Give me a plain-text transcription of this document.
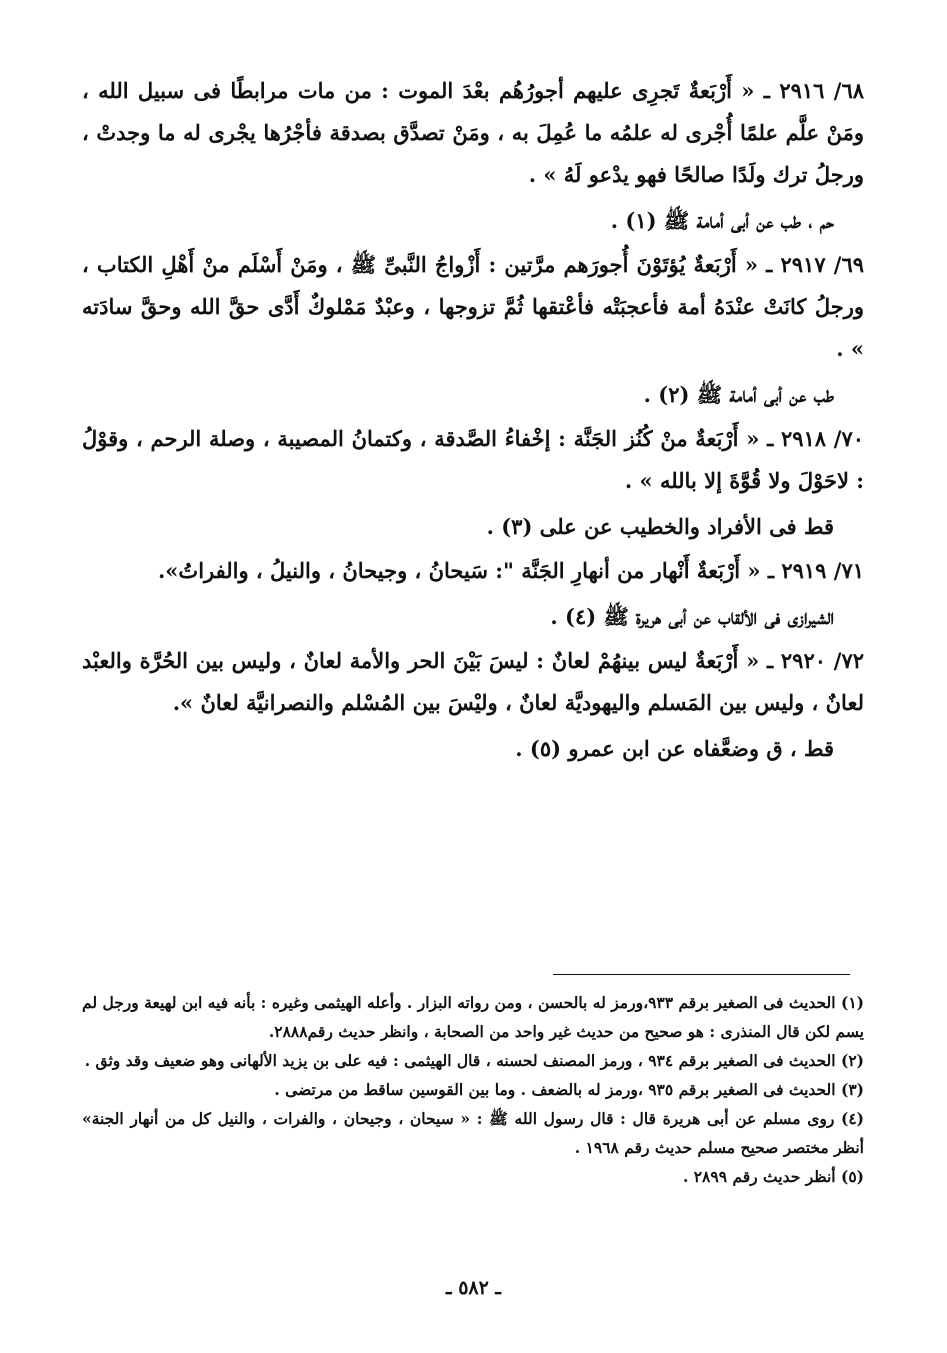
٦٨/ ٢٩١٦ ـ « أَرْبَعةٌ تَجرِى عليهم أجورُهُم بعْدَ الموت : من مات مرابطًا فى سبيل الله ، ومَنْ علَّم علمًا أُجْرى له علمُه ما عُمِلَ به ، ومَنْ تصدَّق بصدقة فأجْرُها يجْرى له ما وجدتْ ، ورجلُ ترك ولَدًا صالحًا فهو يدْعو لَهُ » .

حم ، طب عن أبى أمامة ﷺ (١) .

٦٩/ ٢٩١٧ ـ « أَرْبَعةٌ يُؤتَوْنَ أُجورَهم مرَّتين : أَزْواجُ النَّبىِّ ﷺ ، ومَنْ أَسْلَم منْ أَهْلِ الكتاب ، ورجلُ كانَتْ عنْدَهُ أمة فأعجبَتْه فأعْتقها ثُمَّ تزوجها ، وعبْدٌ مَمْلوكٌ أَدَّى حقَّ الله وحقَّ سادَته » .

طب عن أبى أمامة ﷺ (٢) .

٧٠/ ٢٩١٨ ـ « أَرْبَعةٌ منْ كُنُز الجَنَّة : إخْفاءُ الصَّدقة ، وكتمانُ المصيبة ، وصلة الرحم ، وقوْلُ : لاحَوْلَ ولا قُوَّةَ إلا بالله » .

قط فى الأفراد والخطيب عن على (٣) .

٧١/ ٢٩١٩ ـ « أَرْبَعةٌ أَنْهار من أنهارِ الجَنَّة ": سَيحانُ ، وجيحانُ ، والنيلُ ، والفراتُ».

الشيرازى فى الألقاب عن أبى هريرة ﷺ (٤) .

٧٢/ ٢٩٢٠ ـ « أَرْبَعةٌ ليس بينهُمْ لعانٌ : ليسَ بَيْنَ الحر والأمة لعانٌ ، وليس بين الحُرَّة والعبْد لعانٌ ، وليس بين المَسلم واليهوديَّة لعانٌ ، وليْسَ بين المُسْلم والنصرانيَّة لعانٌ ».

قط ، ق وضعَّفاه عن ابن عمرو (٥) .

(١) الحديث فى الصغير برقم ٩٣٣،ورمز له بالحسن ، ومن رواته البزار . وأعله الهيثمى وغيره : بأنه فيه ابن لهيعة ورجل لم يسم لكن قال المنذرى : هو صحيح من حديث غير واحد من الصحابة ، وانظر حديث رقم٢٨٨٨.

(٢) الحديث فى الصغير برقم ٩٣٤ ، ورمز المصنف لحسنه ، قال الهيثمى : فيه على بن يزيد الألهانى وهو ضعيف وقد وثق .

(٣) الحديث فى الصغير برقم ٩٣٥ ،ورمز له بالضعف . وما بين القوسين ساقط من مرتضى .

(٤) روى مسلم عن أبى هريرة قال : قال رسول الله ﷺ : « سيحان ، وجيحان ، والفرات ، والنيل كل من أنهار الجنة» أنظر مختصر صحيح مسلم حديث رقم ١٩٦٨ .

(٥) أنظر حديث رقم ٢٨٩٩ .

ـ ٥٨٢ ـ
